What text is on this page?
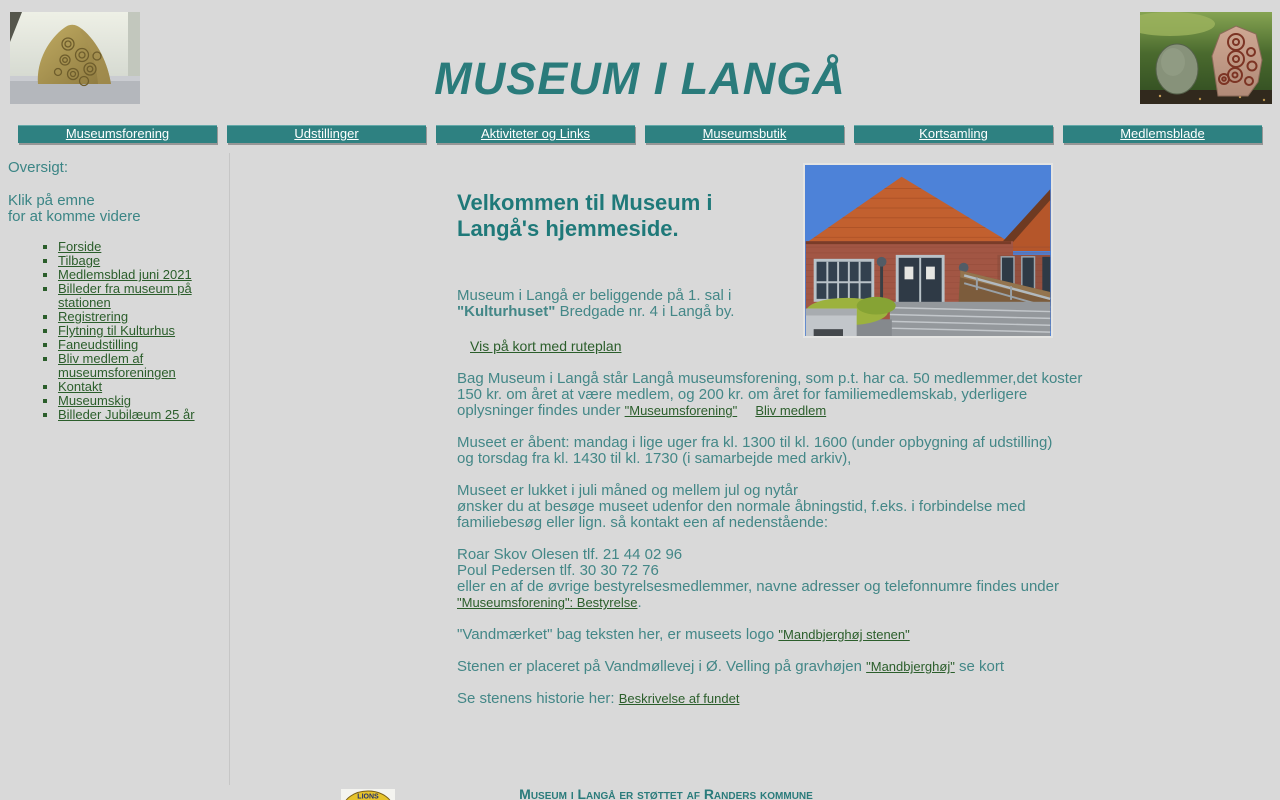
MUSEUM I LANGÅ
Museumsforening	Udstillinger	Aktiviteter og Links	Museumsbutik	Kortsamling	Medlemsblade
Oversigt:
Klik på emne
for at komme videre
▪ Forside
▪ Tilbage
▪ Medlemsblad juni 2021
▪ Billeder fra museum på stationen
▪ Registrering
▪ Flytning til Kulturhus
▪ Faneudstilling
▪ Bliv medlem af museumsforeningen
▪ Kontakt
▪ Museumskig
▪ Billeder Jubilæum 25 år
Velkommen til Museum i
Langå's hjemmeside.

Museum i Langå er beliggende på 1. sal i
"Kulturhuset" Bredgade nr. 4 i Langå by.

Vis på kort med ruteplan

Bag Museum i Langå står Langå museumsforening, som p.t. har ca. 50 medlemmer,det koster
150 kr. om året at være medlem, og 200 kr. om året for familiemedlemskab, yderligere
oplysninger findes under "Museumsforening" Bliv medlem

Museet er åbent: mandag i lige uger fra kl. 1300 til kl. 1600 (under opbygning af udstilling)
og torsdag fra kl. 1430 til kl. 1730 (i samarbejde med arkiv),

Museet er lukket i juli måned og mellem jul og nytår
ønsker du at besøge museet udenfor den normale åbningstid, f.eks. i forbindelse med
familiebesøg eller lign. så kontakt een af nedenstående:

Roar Skov Olesen tlf. 21 44 02 96
Poul Pedersen tlf. 30 30 72 76
eller en af de øvrige bestyrelsesmedlemmer, navne adresser og telefonnumre findes under
"Museumsforening": Bestyrelse.

"Vandmærket" bag teksten her, er museets logo "Mandbjerghøj stenen"

Stenen er placeret på Vandmøllevej i Ø. Velling på gravhøjen "Mandbjerghøj" se kort

Se stenens historie her: Beskrivelse af fundet

LIONS	Museum i Langå er støttet af Randers kommune
